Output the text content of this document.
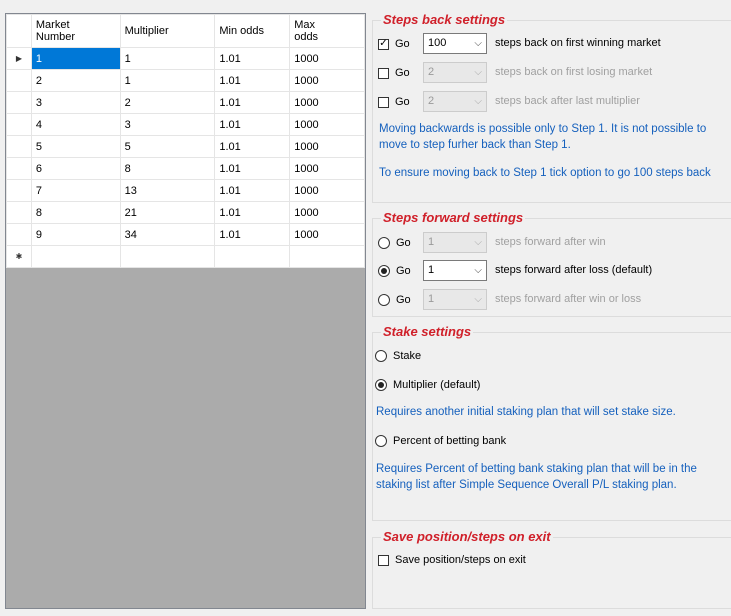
	Market
Number	Multiplier	Min odds	Max
odds
▶	1	1	1.01	1000
	2	1	1.01	1000
	3	2	1.01	1000
	4	3	1.01	1000
	5	5	1.01	1000
	6	8	1.01	1000
	7	13	1.01	1000
	8	21	1.01	1000
	9	34	1.01	1000
✱				
Steps back settings
✓ Go	100	⌵ steps back on first winning market
Go	2	⌵ steps back on first losing market
Go	2	⌵ steps back after last multiplier
Moving backwards is possible only to Step 1. It is not possible to move to step furher back than Step 1.
To ensure moving back to Step 1 tick option to go 100 steps back
Steps forward settings
Go	1	⌵ steps forward after win
Go	1	⌵ steps forward after loss (default)
Go	1	⌵ steps forward after win or loss
Stake settings
Stake
Multiplier (default)
Requires another initial staking plan that will set stake size.
Percent of betting bank
Requires Percent of betting bank staking plan that will be in the staking list after Simple Sequence Overall P/L staking plan.
Save position/steps on exit
Save position/steps on exit
